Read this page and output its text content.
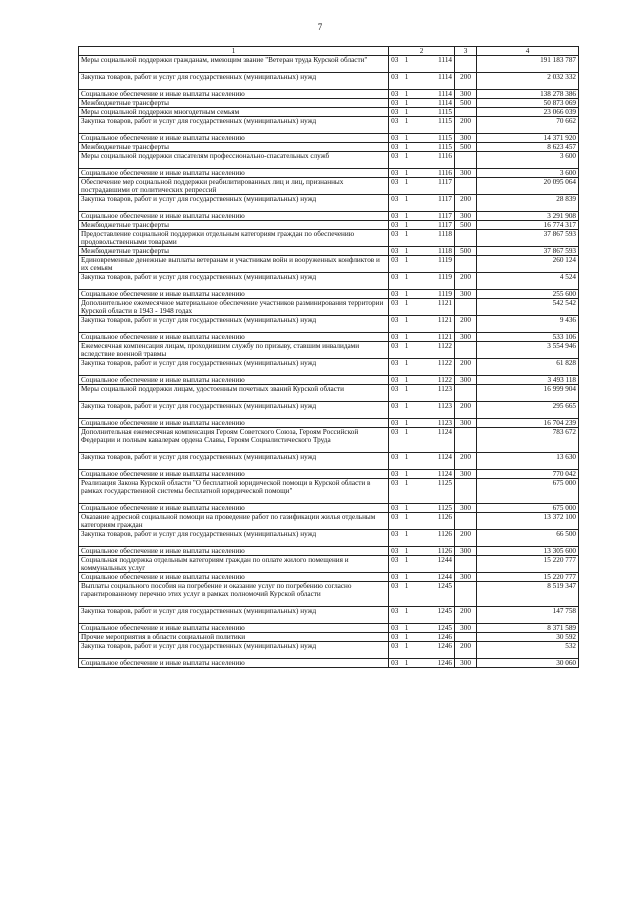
7
1	2			3	4
Меры социальной поддержки гражданам, имеющим звание "Ветеран труда Курской области"	03	1	1114		191 183 787
Закупка товаров, работ и услуг для государственных (муниципальных) нужд	03	1	1114	200	2 032 332
Социальное обеспечение и иные выплаты населению	03	1	1114	300	138 278 386
Межбюджетные трансферты	03	1	1114	500	50 873 069
Меры социальной поддержки многодетным семьям	03	1	1115		23 066 039
Закупка товаров, работ и услуг для государственных (муниципальных) нужд	03	1	1115	200	70 662
Социальное обеспечение и иные выплаты населению	03	1	1115	300	14 371 920
Межбюджетные трансферты	03	1	1115	500	8 623 457
Меры социальной поддержки спасателям профессионально-спасательных служб	03	1	1116		3 600
Социальное обеспечение и иные выплаты населению	03	1	1116	300	3 600
Обеспечение мер социальной поддержки реабилитированных лиц и лиц, признанных пострадавшими от политических репрессий	03	1	1117		20 095 064
Закупка товаров, работ и услуг для государственных (муниципальных) нужд	03	1	1117	200	28 839
Социальное обеспечение и иные выплаты населению	03	1	1117	300	3 291 908
Межбюджетные трансферты	03	1	1117	500	16 774 317
Предоставление социальной поддержки отдельным категориям граждан по обеспечению продовольственными товарами	03	1	1118		37 867 593
Межбюджетные трансферты	03	1	1118	500	37 867 593
Единовременные денежные выплаты ветеранам и участникам войн и вооруженных конфликтов и их семьям	03	1	1119		260 124
Закупка товаров, работ и услуг для государственных (муниципальных) нужд	03	1	1119	200	4 524
Социальное обеспечение и иные выплаты населению	03	1	1119	300	255 600
Дополнительное ежемесячное материальное обеспечение участников разминирования территории Курской области в 1943 - 1948 годах	03	1	1121		542 542
Закупка товаров, работ и услуг для государственных (муниципальных) нужд	03	1	1121	200	9 436
Социальное обеспечение и иные выплаты населению	03	1	1121	300	533 106
Ежемесячная компенсация лицам, проходившим службу по призыву, ставшим инвалидами вследствие военной травмы	03	1	1122		3 554 946
Закупка товаров, работ и услуг для государственных (муниципальных) нужд	03	1	1122	200	61 828
Социальное обеспечение и иные выплаты населению	03	1	1122	300	3 493 118
Меры социальной поддержки лицам, удостоенным почетных званий Курской области	03	1	1123		16 999 904
Закупка товаров, работ и услуг для государственных (муниципальных) нужд	03	1	1123	200	295 665
Социальное обеспечение и иные выплаты населению	03	1	1123	300	16 704 239
Дополнительная ежемесячная компенсация Героям Советского Союза, Героям Российской Федерации и полным кавалерам ордена Славы, Героям Социалистического Труда	03	1	1124		783 672
Закупка товаров, работ и услуг для государственных (муниципальных) нужд	03	1	1124	200	13 630
Социальное обеспечение и иные выплаты населению	03	1	1124	300	770 042
Реализация Закона Курской области "О бесплатной юридической помощи в Курской области в рамках государственной системы бесплатной юридической помощи"	03	1	1125		675 000
Социальное обеспечение и иные выплаты населению	03	1	1125	300	675 000
Оказание адресной социальной помощи на проведение работ по газификации жилья отдельным категориям граждан	03	1	1126		13 372 100
Закупка товаров, работ и услуг для государственных (муниципальных) нужд	03	1	1126	200	66 500
Социальное обеспечение и иные выплаты населению	03	1	1126	300	13 305 600
Социальная поддержка отдельным категориям граждан по оплате жилого помещения и коммунальных услуг	03	1	1244		15 220 777
Социальное обеспечение и иные выплаты населению	03	1	1244	300	15 220 777
Выплаты социального пособия на погребение и оказание услуг по погребению согласно гарантированному перечню этих услуг в рамках полномочий Курской области	03	1	1245		8 519 347
Закупка товаров, работ и услуг для государственных (муниципальных) нужд	03	1	1245	200	147 758
Социальное обеспечение и иные выплаты населению	03	1	1245	300	8 371 589
Прочие мероприятия в области социальной политики	03	1	1246		30 592
Закупка товаров, работ и услуг для государственных (муниципальных) нужд	03	1	1246	200	532
Социальное обеспечение и иные выплаты населению	03	1	1246	300	30 060
